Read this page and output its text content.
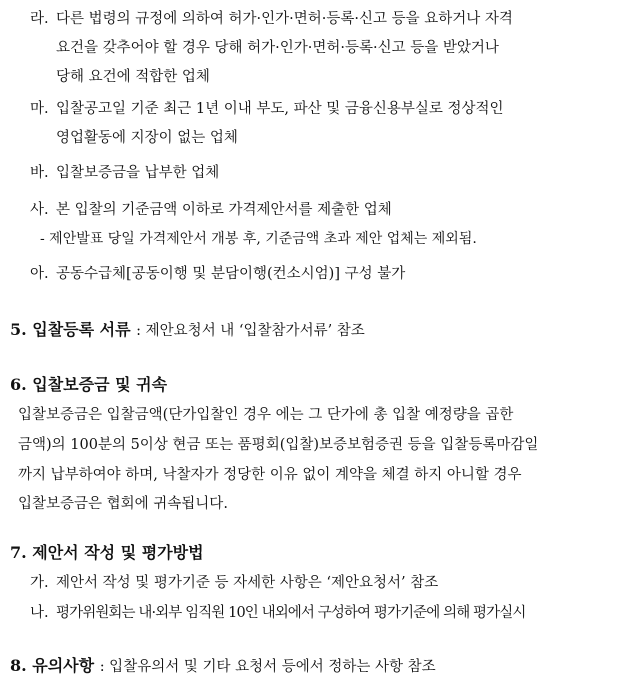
라. 다른 법령의 규정에 의하여 허가·인가·면허·등록·신고 등을 요하거나 자격
요건을 갖추어야 할 경우 당해 허가·인가·면허·등록·신고 등을 받았거나
당해 요건에 적합한 업체
마. 입찰공고일 기준 최근 1년 이내 부도, 파산 및 금융신용부실로 정상적인
영업활동에 지장이 없는 업체
바. 입찰보증금을 납부한 업체
사. 본 입찰의 기준금액 이하로 가격제안서를 제출한 업체
- 제안발표 당일 가격제안서 개봉 후, 기준금액 초과 제안 업체는 제외됨.
아. 공동수급체[공동이행 및 분담이행(컨소시엄)] 구성 불가
5. 입찰등록 서류 : 제안요청서 내 ‘입찰참가서류’ 참조
6. 입찰보증금 및 귀속
입찰보증금은 입찰금액(단가입찰인 경우 에는 그 단가에 총 입찰 예정량을 곱한
금액)의 100분의 5이상 현금 또는 품평회(입찰)보증보험증권 등을 입찰등록마감일
까지 납부하여야 하며, 낙찰자가 정당한 이유 없이 계약을 체결 하지 아니할 경우
입찰보증금은 협회에 귀속됩니다.
7. 제안서 작성 및 평가방법
가. 제안서 작성 및 평가기준 등 자세한 사항은 ‘제안요청서’ 참조
나. 평가위원회는 내·외부 임직원 10인 내외에서 구성하여 평가기준에 의해 평가실시
8. 유의사항 : 입찰유의서 및 기타 요청서 등에서 정하는 사항 참조
